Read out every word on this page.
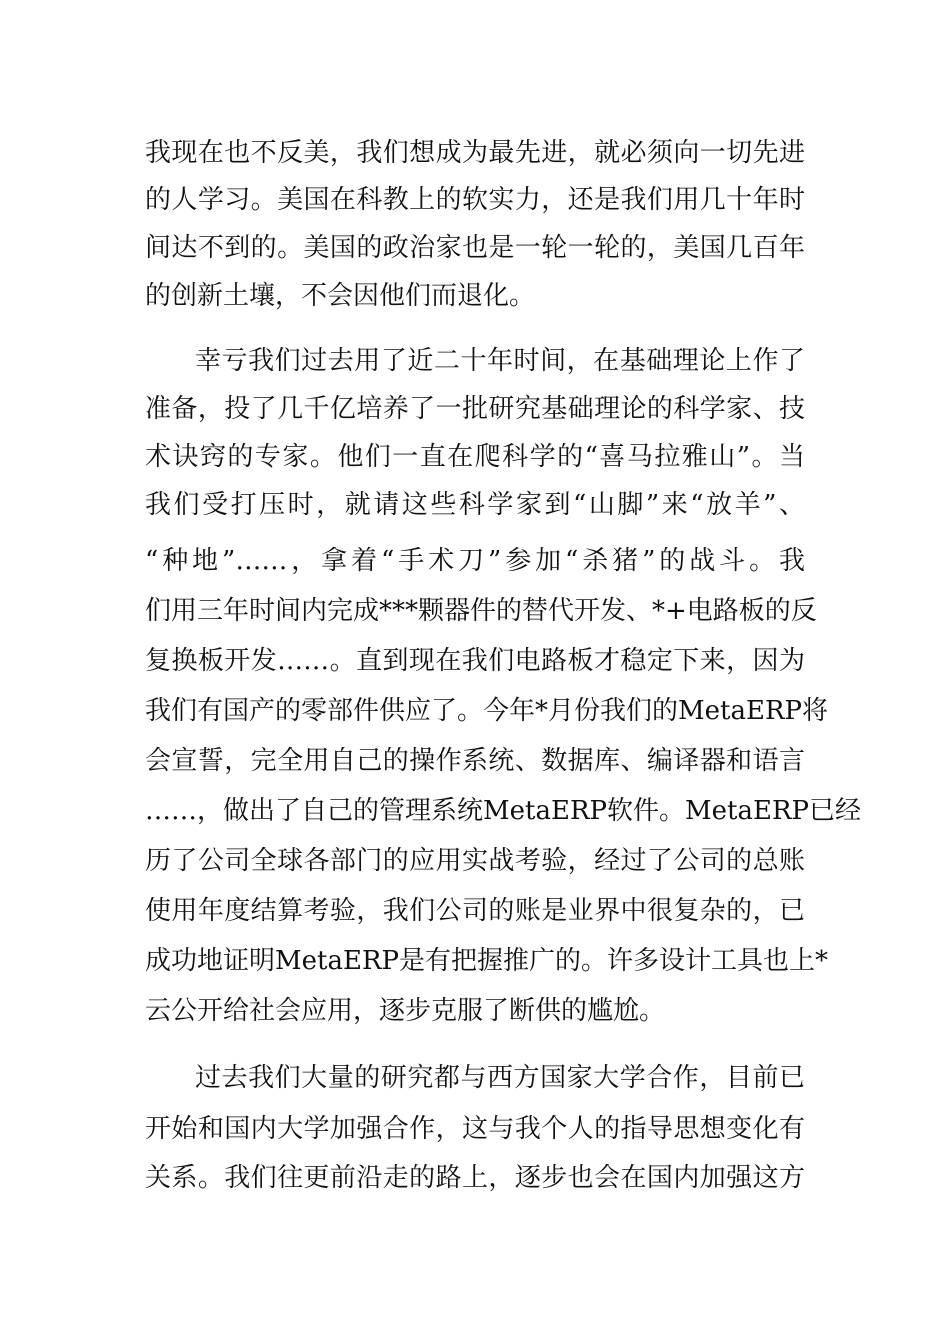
我现在也不反美，我们想成为最先进，就必须向一切先进
的人学习。美国在科教上的软实力，还是我们用几十年时
间达不到的。美国的政治家也是一轮一轮的，美国几百年
的创新土壤，不会因他们而退化。
幸亏我们过去用了近二十年时间，在基础理论上作了
准备，投了几千亿培养了一批研究基础理论的科学家、技
术诀窍的专家。他们一直在爬科学的“喜马拉雅山”。当
我们受打压时，就请这些科学家到“山脚”来“放羊”、
“种地”……，拿着“手术刀”参加“杀猪”的战斗。我
们用三年时间内完成***颗器件的替代开发、*+电路板的反
复换板开发……。直到现在我们电路板才稳定下来，因为
我们有国产的零部件供应了。今年*月份我们的MetaERP将
会宣誓，完全用自己的操作系统、数据库、编译器和语言
……，做出了自己的管理系统MetaERP软件。MetaERP已经
历了公司全球各部门的应用实战考验，经过了公司的总账
使用年度结算考验，我们公司的账是业界中很复杂的，已
成功地证明MetaERP是有把握推广的。许多设计工具也上*
云公开给社会应用，逐步克服了断供的尴尬。
过去我们大量的研究都与西方国家大学合作，目前已
开始和国内大学加强合作，这与我个人的指导思想变化有
关系。我们往更前沿走的路上，逐步也会在国内加强这方
